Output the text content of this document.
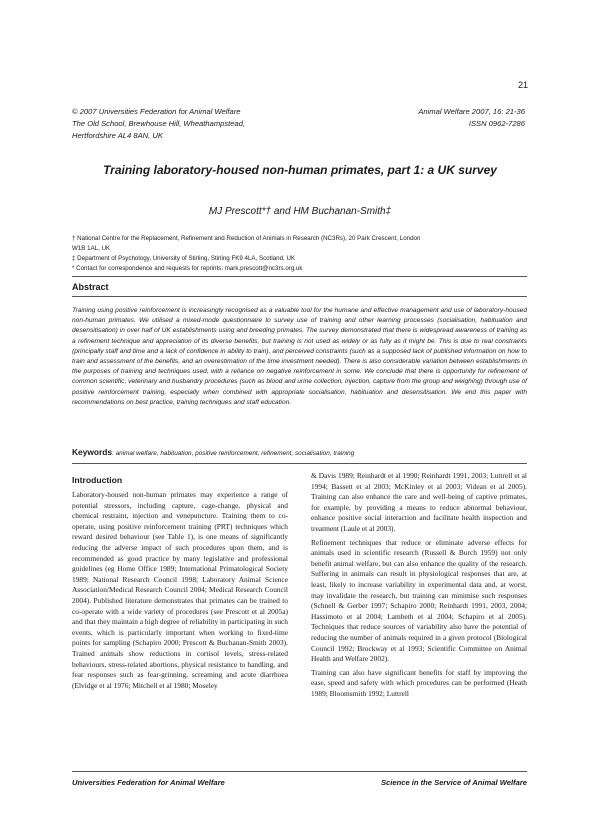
21
© 2007 Universities Federation for Animal Welfare
The Old School, Brewhouse Hill, Wheathampstead,
Hertfordshire AL4 8AN, UK
Animal Welfare 2007, 16: 21-36
ISSN 0962-7286
Training laboratory-housed non-human primates, part 1: a UK survey
MJ Prescott*† and HM Buchanan-Smith‡
† National Centre for the Replacement, Refinement and Reduction of Animals in Research (NC3Rs), 20 Park Crescent, London
W1B 1AL, UK
‡ Department of Psychology, University of Stirling, Stirling FK9 4LA, Scotland, UK
* Contact for correspondence and requests for reprints: mark.prescott@nc3rs.org.uk
Abstract
Training using positive reinforcement is increasingly recognised as a valuable tool for the humane and effective management and use of laboratory-housed non-human primates. We utilised a mixed-mode questionnaire to survey use of training and other learning processes (socialisation, habituation and desensitisation) in over half of UK establishments using and breeding primates. The survey demonstrated that there is widespread awareness of training as a refinement technique and appreciation of its diverse benefits, but training is not used as widely or as fully as it might be. This is due to real constraints (principally staff and time and a lack of confidence in ability to train), and perceived constraints (such as a supposed lack of published information on how to train and assessment of the benefits, and an overestimation of the time investment needed). There is also considerable variation between establishments in the purposes of training and techniques used, with a reliance on negative reinforcement in some. We conclude that there is opportunity for refinement of common scientific, veterinary and husbandry procedures (such as blood and urine collection, injection, capture from the group and weighing) through use of positive reinforcement training, especially when combined with appropriate socialisation, habituation and desensitisation. We end this paper with recommendations on best practice, training techniques and staff education.
Keywords: animal welfare, habituation, positive reinforcement, refinement, socialisation, training
Introduction

Laboratory-housed non-human primates may experience a range of potential stressors, including capture, cage-change, physical and chemical restraint, injection and venepuncture. Training them to co-operate, using positive reinforcement training (PRT) techniques which reward desired behaviour (see Table 1), is one means of significantly reducing the adverse impact of such procedures upon them, and is recommended as good practice by many legislative and professional guidelines (eg Home Office 1989; International Primatological Society 1989; National Research Council 1998; Laboratory Animal Science Association/Medical Research Council 2004; Medical Research Council 2004). Published literature demonstrates that primates can be trained to co-operate with a wide variety of procedures (see Prescott et al 2005a) and that they maintain a high degree of reliability in participating in such events, which is particularly important when working to fixed-time points for sampling (Schapiro 2000; Prescott & Buchanan-Smith 2003). Trained animals show reductions in cortisol levels, stress-related behaviours, stress-related abortions, physical resistance to handling, and fear responses such as fear-grinning, screaming and acute diarrhoea (Elvidge et al 1976; Mitchell et al 1980; Moseley

& Davis 1989; Reinhardt et al 1990; Reinhardt 1991, 2003; Luttrell et al 1994; Bassett et al 2003; McKinley et al 2003; Videan et al 2005). Training can also enhance the care and well-being of captive primates, for example, by providing a means to reduce abnormal behaviour, enhance positive social interaction and facilitate health inspection and treatment (Laule et al 2003).

Refinement techniques that reduce or eliminate adverse effects for animals used in scientific research (Russell & Burch 1959) not only benefit animal welfare, but can also enhance the quality of the research. Suffering in animals can result in physiological responses that are, at least, likely to increase variability in experimental data and, at worst, may invalidate the research, but training can minimise such responses (Schnell & Gerber 1997; Schapiro 2000; Reinhardt 1991, 2003, 2004; Hassimoto et al 2004; Lambeth et al 2004; Schapiro et al 2005). Techniques that reduce sources of variability also have the potential of reducing the number of animals required in a given protocol (Biological Council 1992; Brockway et al 1993; Scientific Committee on Animal Health and Welfare 2002).

Training can also have significant benefits for staff by improving the ease, speed and safety with which procedures can be performed (Heath 1989; Bloomsmith 1992; Luttrell

Universities Federation for Animal Welfare	Science in the Service of Animal Welfare
